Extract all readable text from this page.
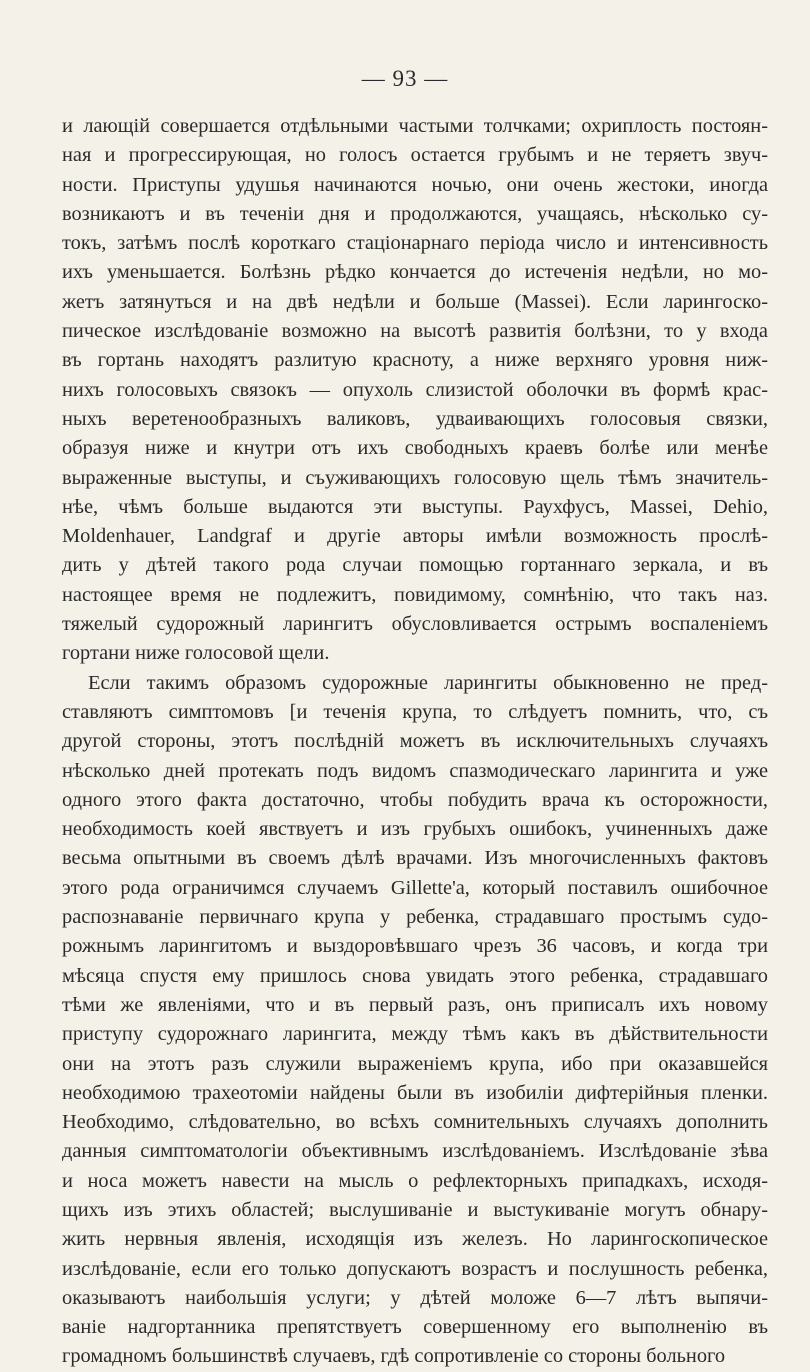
— 93 —
и лающій совершается отдѣльными частыми толчками; охриплость постоян-
ная и прогрессирующая, но голосъ остается грубымъ и не теряетъ звуч-
ности. Приступы удушья начинаются ночью, они очень жестоки, иногда
возникаютъ и въ теченіи дня и продолжаются, учащаясь, нѣсколько су-
токъ, затѣмъ послѣ короткаго стаціонарнаго періода число и интенсивность
ихъ уменьшается. Болѣзнь рѣдко кончается до истеченія недѣли, но мо-
жетъ затянуться и на двѣ недѣли и больше (Massei). Если ларингоско-
пическое изслѣдованіе возможно на высотѣ развитія болѣзни, то у входа
въ гортань находятъ разлитую краснοту, а ниже верхняго уровня ниж-
нихъ голосовыхъ связокъ — опухоль слизистой оболочки въ формѣ крас-
ныхъ веретенообразныхъ валиковъ, удваивающихъ голосовыя связки,
образуя ниже и кнутри отъ ихъ свободныхъ краевъ болѣе или менѣе
выраженные выступы, и съуживающихъ голосовую щель тѣмъ значитель-
нѣе, чѣмъ больше выдаются эти выступы. Раухфусъ, Massei, Dehio,
Moldenhauer, Landgraf и другіе авторы имѣли возможность прослѣ-
дить у дѣтей такого рода случаи помощью гортаннаго зеркала, и въ
настоящее время не подлежитъ, повидимому, сомнѣнію, что такъ наз.
тяжелый судорожный ларингитъ обусловливается острымъ воспаленіемъ
гортани ниже голосовой щели.
Если такимъ образомъ судорожные ларингиты обыкновенно не пред-
ставляютъ симптомовъ [и теченія крупа, то слѣдуетъ помнить, что, съ
другой стороны, этотъ послѣдній можетъ въ исключительныхъ случаяхъ
нѣсколько дней протекать подъ видомъ спазмодическаго ларингита и уже
одного этого факта достаточно, чтобы побудить врача къ осторожности,
необходимость коей явствуетъ и изъ грубыхъ ошибокъ, учиненныхъ даже
весьма опытными въ своемъ дѣлѣ врачами. Изъ многочисленныхъ фактовъ
этого рода ограничимся случаемъ Gillette'а, который поставилъ ошибочное
распознаваніе первичнаго крупа у ребенка, страдавшаго простымъ судо-
рожнымъ ларингитомъ и выздоровѣвшаго чрезъ 36 часовъ, и когда три
мѣсяца спустя ему пришлось снова увидать этого ребенка, страдавшаго
тѣми же явленіями, что и въ первый разъ, онъ приписалъ ихъ новому
приступу судорожнаго ларингита, между тѣмъ какъ въ дѣйствительности
они на этотъ разъ служили выраженіемъ крупа, ибо при оказавшейся
необходимою трахеотоміи найдены были въ изобиліи дифтерійныя пленки.
Необходимо, слѣдовательно, во всѣхъ сомнительныхъ случаяхъ дополнить
данныя симптоматологіи объективнымъ изслѣдованіемъ. Изслѣдованіе зѣва
и носа можетъ навести на мысль о рефлекторныхъ припадкахъ, исходя-
щихъ изъ этихъ областей; выслушиваніе и выстукиваніе могутъ обнару-
жить нервныя явленія, исходящія изъ железъ. Но ларингоскопическое
изслѣдованіе, если его только допускаютъ возрастъ и послушность ребенка,
оказываютъ наибольшія услуги; у дѣтей моложе 6—7 лѣтъ выпячи-
ваніе надгортанника препятствуетъ совершенному его выполненію въ
громадномъ большинствѣ случаевъ, гдѣ сопротивленіе со стороны больного
